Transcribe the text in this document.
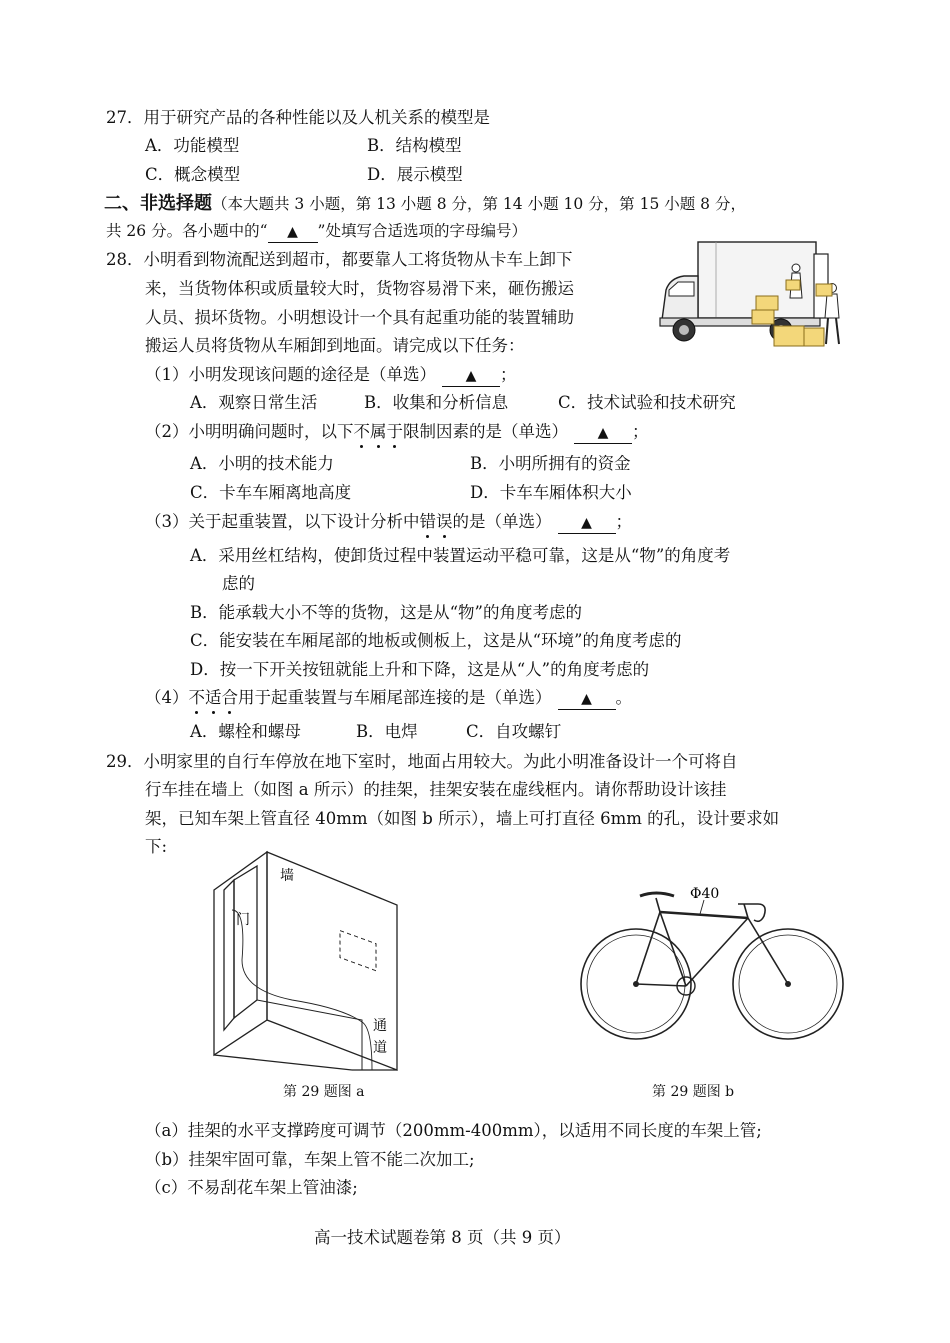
27．用于研究产品的各种性能以及人机关系的模型是
A．功能模型	B．结构模型
C．概念模型	D．展示模型
二、非选择题（本大题共 3 小题，第 13 小题 8 分，第 14 小题 10 分，第 15 小题 8 分，
共 26 分。各小题中的“ ▲ ”处填写合适选项的字母编号）
28．小明看到物流配送到超市，都要靠人工将货物从卡车上卸下
来，当货物体积或质量较大时，货物容易滑下来，砸伤搬运
人员、损坏货物。小明想设计一个具有起重功能的装置辅助
搬运人员将货物从车厢卸到地面。请完成以下任务：
（1）小明发现该问题的途径是（单选） ▲ ；
A．观察日常生活	B．收集和分析信息	C．技术试验和技术研究
（2）小明明确问题时，以下不属于限制因素的是（单选） ▲ ；
A．小明的技术能力	B．小明所拥有的资金
C．卡车车厢离地高度	D．卡车车厢体积大小
（3）关于起重装置，以下设计分析中错误的是（单选） ▲ ；
A．采用丝杠结构，使卸货过程中装置运动平稳可靠，这是从“物”的角度考
虑的
B．能承载大小不等的货物，这是从“物”的角度考虑的
C．能安装在车厢尾部的地板或侧板上，这是从“环境”的角度考虑的
D．按一下开关按钮就能上升和下降，这是从“人”的角度考虑的
（4）不适合用于起重装置与车厢尾部连接的是（单选） ▲ 。
A．螺栓和螺母	B．电焊	C．自攻螺钉
29．小明家里的自行车停放在地下室时，地面占用较大。为此小明准备设计一个可将自
行车挂在墙上（如图 a 所示）的挂架，挂架安装在虚线框内。请你帮助设计该挂
架，已知车架上管直径 40mm（如图 b 所示），墙上可打直径 6mm 的孔，设计要求如
下:
墙
门
通
道
第 29 题图 a
Φ40
第 29 题图 b
（a）挂架的水平支撑跨度可调节（200mm-400mm），以适用不同长度的车架上管;
（b）挂架牢固可靠，车架上管不能二次加工;
（c）不易刮花车架上管油漆;
高一技术试题卷第 8 页（共 9 页）
